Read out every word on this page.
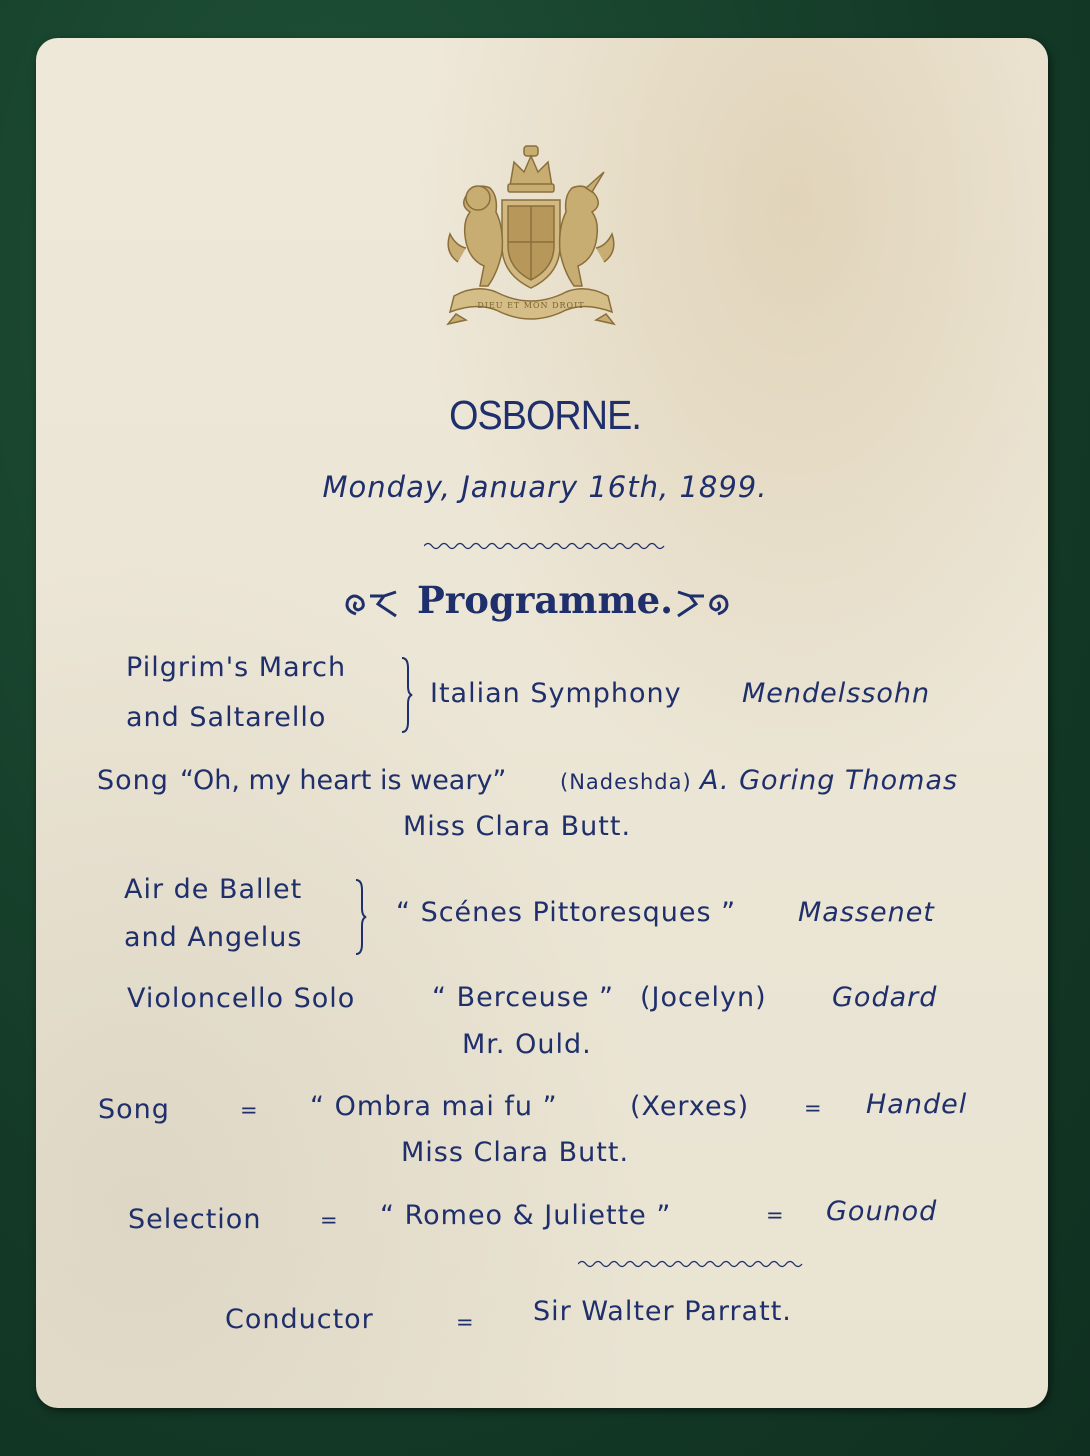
DIEU ET MON DROIT
OSBORNE.
Monday, January 16th, 1899.
Programme.
Pilgrim's March
and Saltarello
Italian Symphony Mendelssohn
Song “Oh, my heart is weary”	(Nadeshda) A. Goring Thomas
Miss Clara Butt.
Air de Ballet
and Angelus
“ Scénes Pittoresques ” Massenet
Violoncello Solo	“ Berceuse ” (Jocelyn) Godard
Mr. Ould.
Song	= “ Ombra mai fu ”	(Xerxes)	= Handel
Miss Clara Butt.
Selection	= “ Romeo & Juliette ”	= Gounod
Conductor	= Sir Walter Parratt.
